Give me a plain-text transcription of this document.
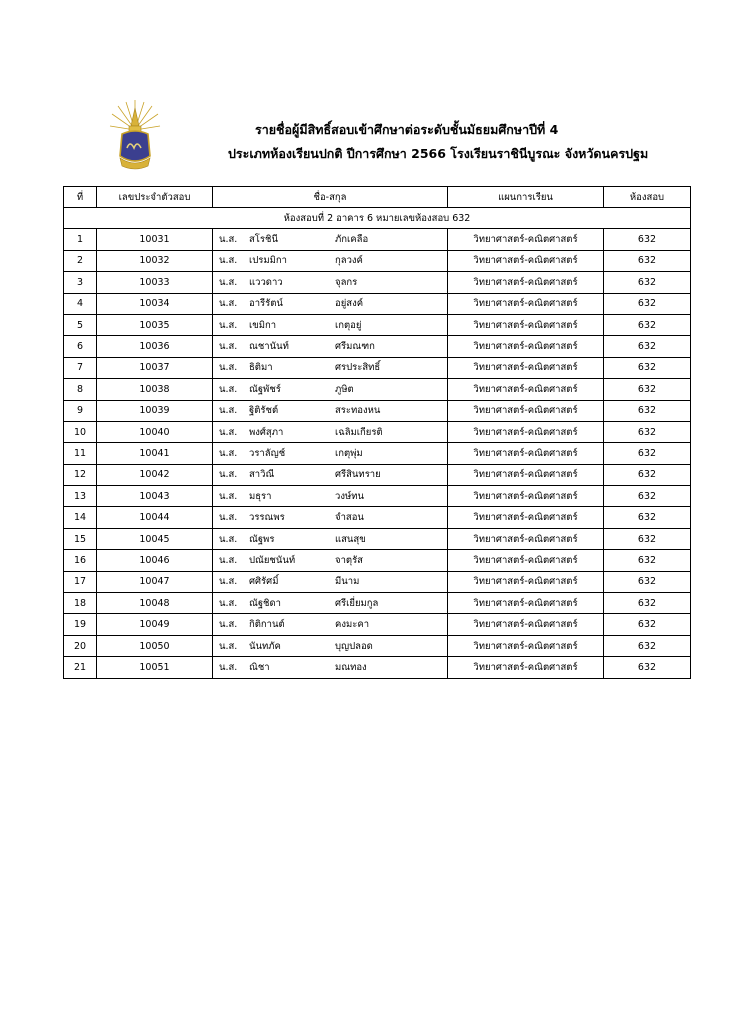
รายชื่อผู้มีสิทธิ์สอบเข้าศึกษาต่อระดับชั้นมัธยมศึกษาปีที่ 4
ประเภทห้องเรียนปกติ ปีการศึกษา 2566 โรงเรียนราชินีบูรณะ จังหวัดนครปฐม
ที่	เลขประจำตัวสอบ	ชื่อ-สกุล	แผนการเรียน	ห้องสอบ
ห้องสอบที่ 2 อาคาร 6 หมายเลขห้องสอบ 632				
1	10031	น.ส. สโรชินี ภักเคลือ	วิทยาศาสตร์-คณิตศาสตร์	632
2	10032	น.ส. เปรมมิกา กุลวงค์	วิทยาศาสตร์-คณิตศาสตร์	632
3	10033	น.ส. แววดาว จุลกร	วิทยาศาสตร์-คณิตศาสตร์	632
4	10034	น.ส. อารีรัตน์ อยู่สงค์	วิทยาศาสตร์-คณิตศาสตร์	632
5	10035	น.ส. เขมิกา เกตุอยู่	วิทยาศาสตร์-คณิตศาสตร์	632
6	10036	น.ส. ณชานันท์ ศรีมณฑก	วิทยาศาสตร์-คณิตศาสตร์	632
7	10037	น.ส. ธิติมา ศรประสิทธิ์	วิทยาศาสตร์-คณิตศาสตร์	632
8	10038	น.ส. ณัฐพัชร์ ภูษิต	วิทยาศาสตร์-คณิตศาสตร์	632
9	10039	น.ส. ฐิติรัชต์ สระทองหน	วิทยาศาสตร์-คณิตศาสตร์	632
10	10040	น.ส. พงศ์สุภา เฉลิมเกียรติ	วิทยาศาสตร์-คณิตศาสตร์	632
11	10041	น.ส. วราลัญช์ เกตุพุ่ม	วิทยาศาสตร์-คณิตศาสตร์	632
12	10042	น.ส. สาวิณี ศรีสินทราย	วิทยาศาสตร์-คณิตศาสตร์	632
13	10043	น.ส. มธุรา วงษ์ทน	วิทยาศาสตร์-คณิตศาสตร์	632
14	10044	น.ส. วรรณพร จำสอน	วิทยาศาสตร์-คณิตศาสตร์	632
15	10045	น.ส. ณัฐพร แสนสุข	วิทยาศาสตร์-คณิตศาสตร์	632
16	10046	น.ส. ปณัยชนันท์ จาตุรัส	วิทยาศาสตร์-คณิตศาสตร์	632
17	10047	น.ส. ศศิรัศมิ์ มีนาม	วิทยาศาสตร์-คณิตศาสตร์	632
18	10048	น.ส. ณัฐชิดา ศรีเยี่ยมกูล	วิทยาศาสตร์-คณิตศาสตร์	632
19	10049	น.ส. กิติกานต์ คงมะคา	วิทยาศาสตร์-คณิตศาสตร์	632
20	10050	น.ส. นันทภัค บุญปลอด	วิทยาศาสตร์-คณิตศาสตร์	632
21	10051	น.ส. ณิชา มณทอง	วิทยาศาสตร์-คณิตศาสตร์	632
